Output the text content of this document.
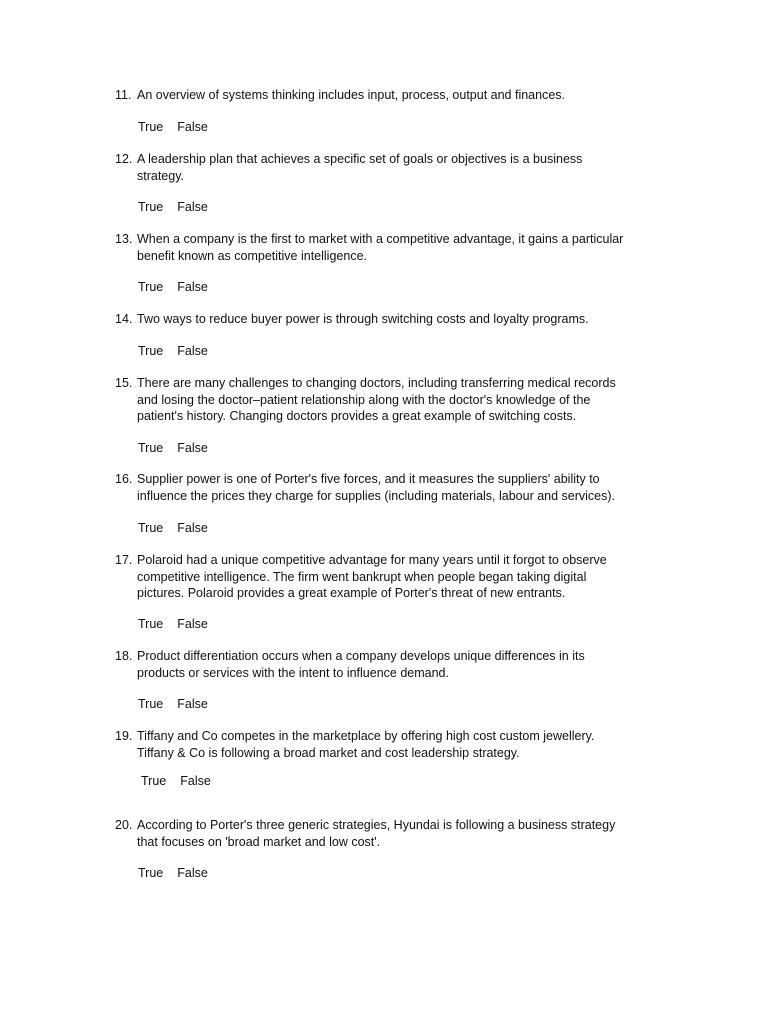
11. An overview of systems thinking includes input, process, output and finances.
True False
12. A leadership plan that achieves a specific set of goals or objectives is a business
strategy.
True False
13. When a company is the first to market with a competitive advantage, it gains a particular
benefit known as competitive intelligence.
True False
14. Two ways to reduce buyer power is through switching costs and loyalty programs.
True False
15. There are many challenges to changing doctors, including transferring medical records
and losing the doctor–patient relationship along with the doctor's knowledge of the
patient's history. Changing doctors provides a great example of switching costs.
True False
16. Supplier power is one of Porter's five forces, and it measures the suppliers' ability to
influence the prices they charge for supplies (including materials, labour and services).
True False
17. Polaroid had a unique competitive advantage for many years until it forgot to observe
competitive intelligence. The firm went bankrupt when people began taking digital
pictures. Polaroid provides a great example of Porter's threat of new entrants.
True False
18. Product differentiation occurs when a company develops unique differences in its
products or services with the intent to influence demand.
True False
19. Tiffany and Co competes in the marketplace by offering high cost custom jewellery.
Tiffany & Co is following a broad market and cost leadership strategy.
True False
20. According to Porter's three generic strategies, Hyundai is following a business strategy
that focuses on 'broad market and low cost'.
True False
